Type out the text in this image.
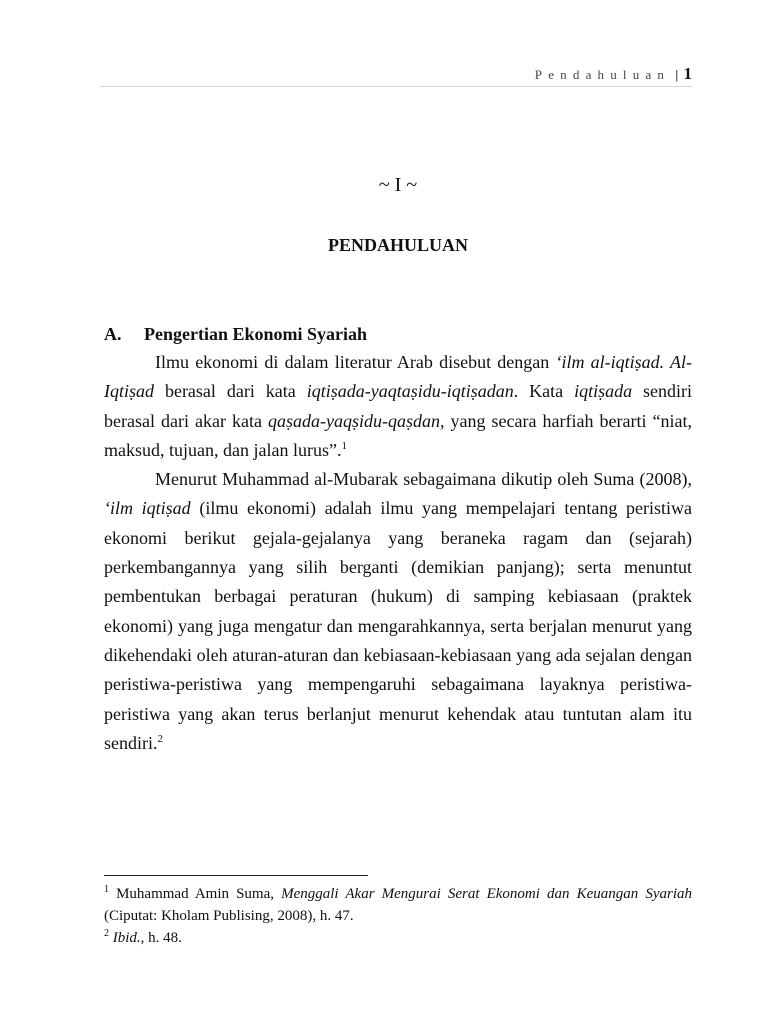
Pendahuluan | 1
~ I ~
PENDAHULUAN
A. Pengertian Ekonomi Syariah

Ilmu ekonomi di dalam literatur Arab disebut dengan ‘ilm al-iqtiṣad. Al-Iqtiṣad berasal dari kata iqtiṣada-yaqtaṣidu-iqtiṣadan. Kata iqtiṣada sendiri berasal dari akar kata qaṣada-yaqṣidu-qaṣdan, yang secara harfiah berarti “niat, maksud, tujuan, dan jalan lurus”.$^1$

Menurut Muhammad al-Mubarak sebagaimana dikutip oleh Suma (2008), ‘ilm iqtiṣad (ilmu ekonomi) adalah ilmu yang mempelajari tentang peristiwa ekonomi berikut gejala-gejalanya yang beraneka ragam dan (sejarah) perkembangannya yang silih berganti (demikian panjang); serta menuntut pembentukan berbagai peraturan (hukum) di samping kebiasaan (praktek ekonomi) yang juga mengatur dan mengarahkannya, serta berjalan menurut yang dikehendaki oleh aturan-aturan dan kebiasaan-kebiasaan yang ada sejalan dengan peristiwa-peristiwa yang mempengaruhi sebagaimana layaknya peristiwa-peristiwa yang akan terus berlanjut menurut kehendak atau tuntutan alam itu sendiri.$^2$

$^1$ Muhammad Amin Suma, Menggali Akar Mengurai Serat Ekonomi dan Keuangan Syariah (Ciputat: Kholam Publising, 2008), h. 47.

$^2$ Ibid., h. 48.
